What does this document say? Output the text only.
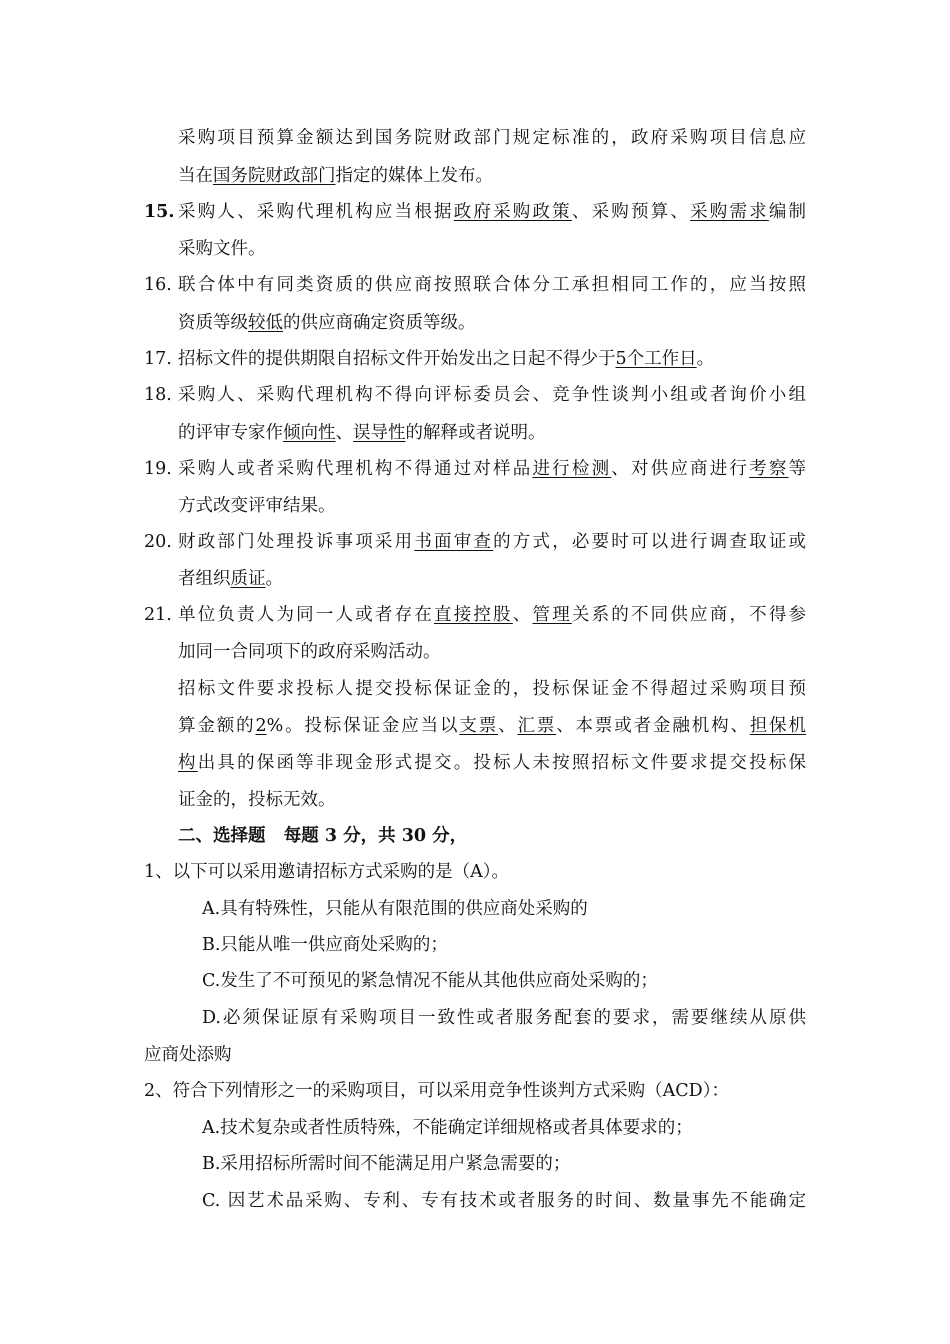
采购项目预算金额达到国务院财政部门规定标准的，政府采购项目信息应
当在国务院财政部门指定的媒体上发布。
15. 采购人、采购代理机构应当根据政府采购政策、采购预算、采购需求编制
采购文件。
16. 联合体中有同类资质的供应商按照联合体分工承担相同工作的，应当按照
资质等级较低的供应商确定资质等级。
17. 招标文件的提供期限自招标文件开始发出之日起不得少于5个工作日。
18. 采购人、采购代理机构不得向评标委员会、竞争性谈判小组或者询价小组
的评审专家作倾向性、误导性的解释或者说明。
19. 采购人或者采购代理机构不得通过对样品进行检测、对供应商进行考察等
方式改变评审结果。
20. 财政部门处理投诉事项采用书面审查的方式，必要时可以进行调查取证或
者组织质证。
21. 单位负责人为同一人或者存在直接控股、管理关系的不同供应商，不得参
加同一合同项下的政府采购活动。
招标文件要求投标人提交投标保证金的，投标保证金不得超过采购项目预
算金额的2%。投标保证金应当以支票、汇票、本票或者金融机构、担保机
构出具的保函等非现金形式提交。投标人未按照招标文件要求提交投标保
证金的，投标无效。
二、选择题   每题 3 分，共 30 分，
1、以下可以采用邀请招标方式采购的是（A）。
A.具有特殊性，只能从有限范围的供应商处采购的
B.只能从唯一供应商处采购的；
C.发生了不可预见的紧急情况不能从其他供应商处采购的；
D.必须保证原有采购项目一致性或者服务配套的要求，需要继续从原供
应商处添购
2、符合下列情形之一的采购项目，可以采用竞争性谈判方式采购（ACD）：
A.技术复杂或者性质特殊，不能确定详细规格或者具体要求的；
B.采用招标所需时间不能满足用户紧急需要的；
C. 因艺术品采购、专利、专有技术或者服务的时间、数量事先不能确定
